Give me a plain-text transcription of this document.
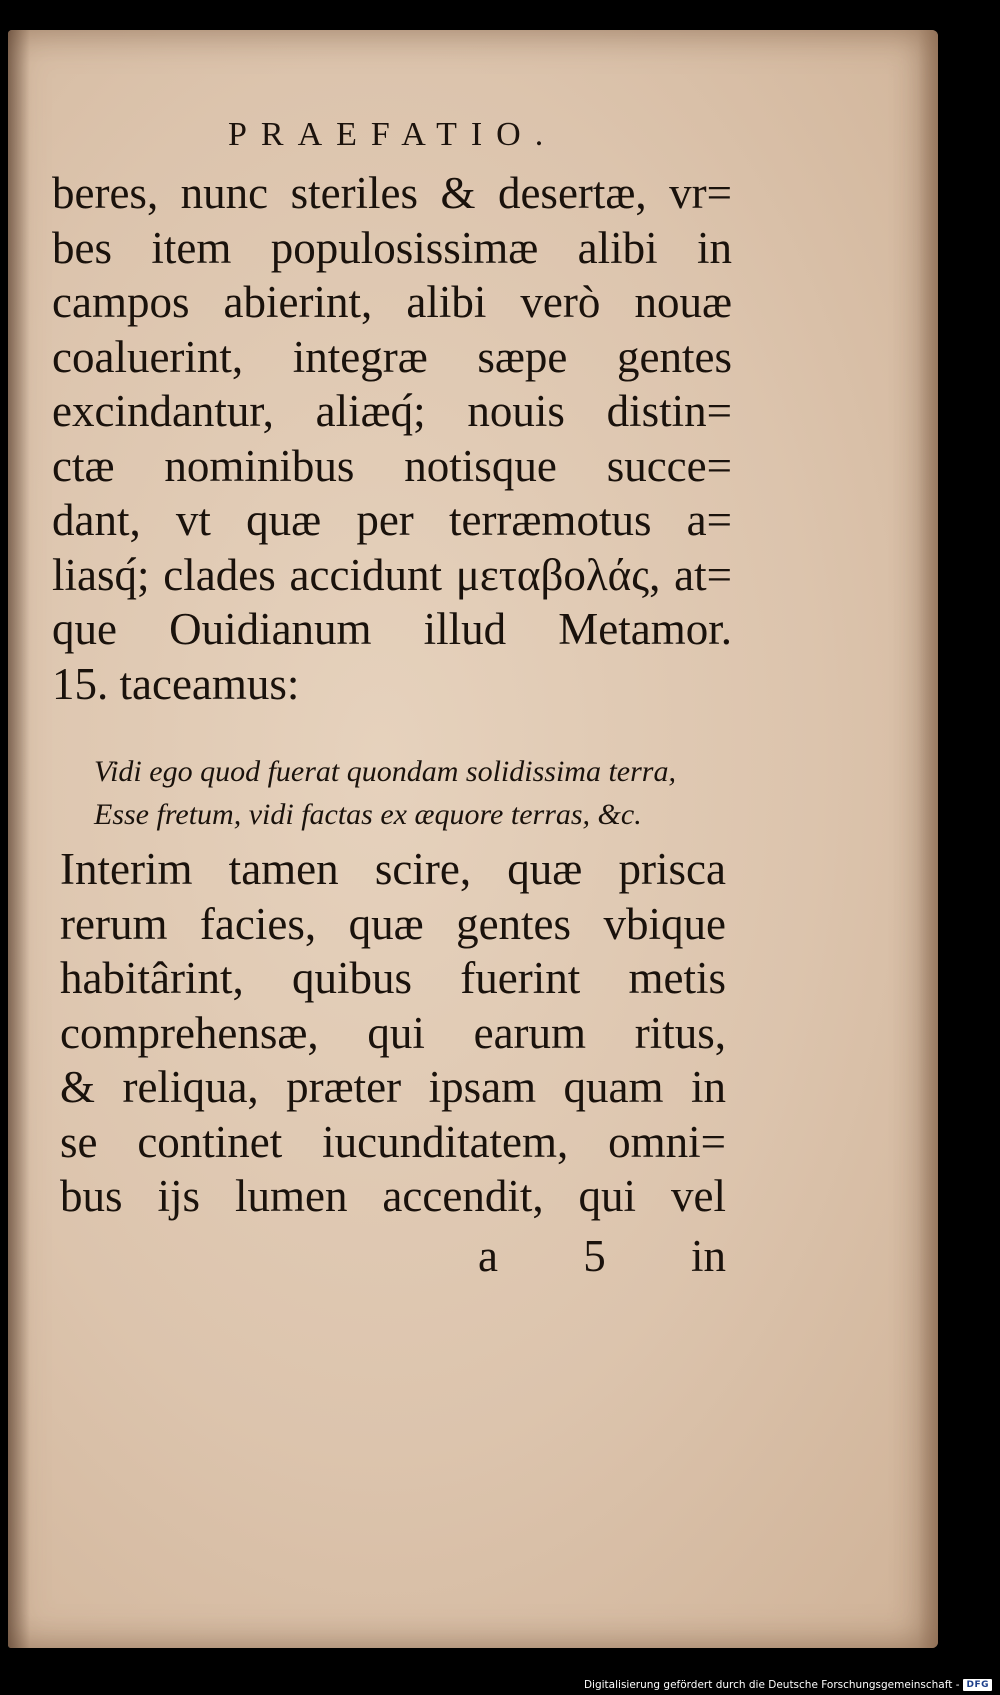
PRAEFATIO.
beres, nunc steriles & desertæ, vr=
bes item populosissimæ alibi in
campos abierint, alibi verò nouæ
coaluerint, integræ sæpe gentes
excindantur, aliæq́; nouis distin=
ctæ nominibus notisque succe=
dant, vt quæ per terræmotus a=
liasq́; clades accidunt μεταβολάς, at=
que Ouidianum illud Metamor.
15. taceamus:
Vidi ego quod fuerat quondam solidissima terra,
Esse fretum, vidi factas ex æquore terras, &c.
Interim tamen scire, quæ prisca
rerum facies, quæ gentes vbique
habitârint, quibus fuerint metis
comprehensæ, qui earum ritus,
& reliqua, præter ipsam quam in
se continet iucunditatem, omni=
bus ijs lumen accendit, qui vel
a 5 in
Digitalisierung gefördert durch die Deutsche Forschungsgemeinschaft - DFG
